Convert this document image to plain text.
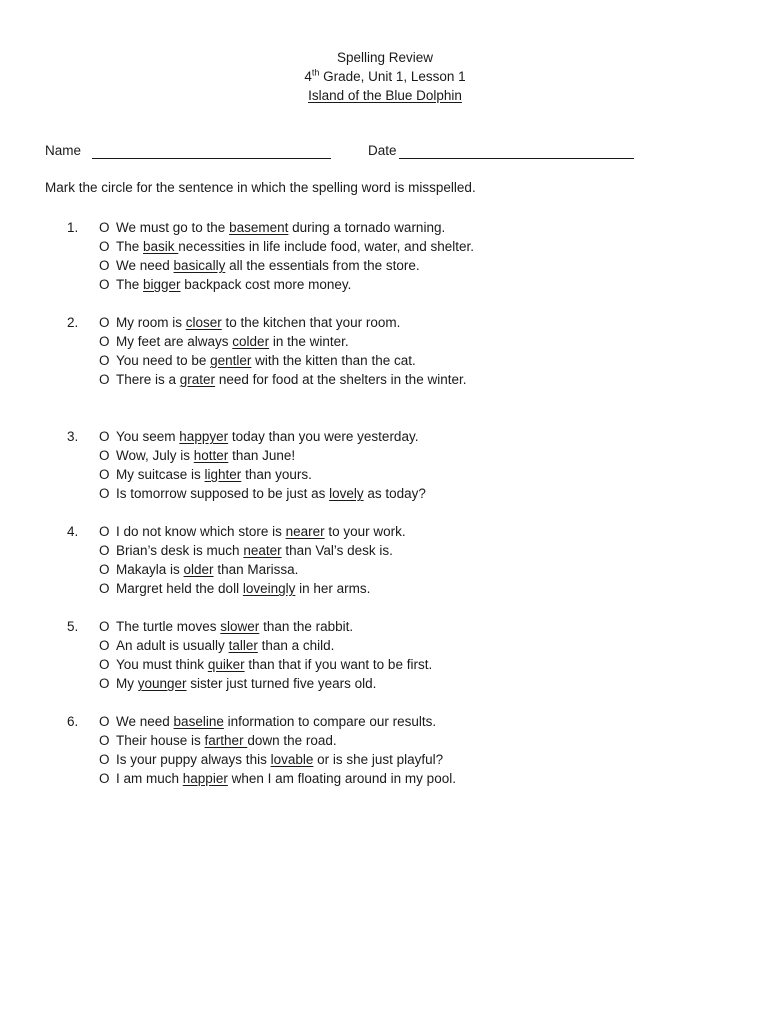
Spelling Review
4th Grade, Unit 1, Lesson 1
Island of the Blue Dolphin
Name	Date
Mark the circle for the sentence in which the spelling word is misspelled.
1. O We must go to the basement during a tornado warning.
O The basik necessities in life include food, water, and shelter.
O We need basically all the essentials from the store.
O The bigger backpack cost more money.
2. O My room is closer to the kitchen that your room.
O My feet are always colder in the winter.
O You need to be gentler with the kitten than the cat.
O There is a grater need for food at the shelters in the winter.
3. O You seem happyer today than you were yesterday.
O Wow, July is hotter than June!
O My suitcase is lighter than yours.
O Is tomorrow supposed to be just as lovely as today?
4. O I do not know which store is nearer to your work.
O Brian’s desk is much neater than Val’s desk is.
O Makayla is older than Marissa.
O Margret held the doll loveingly in her arms.
5. O The turtle moves slower than the rabbit.
O An adult is usually taller than a child.
O You must think quiker than that if you want to be first.
O My younger sister just turned five years old.
6. O We need baseline information to compare our results.
O Their house is farther down the road.
O Is your puppy always this lovable or is she just playful?
O I am much happier when I am floating around in my pool.
